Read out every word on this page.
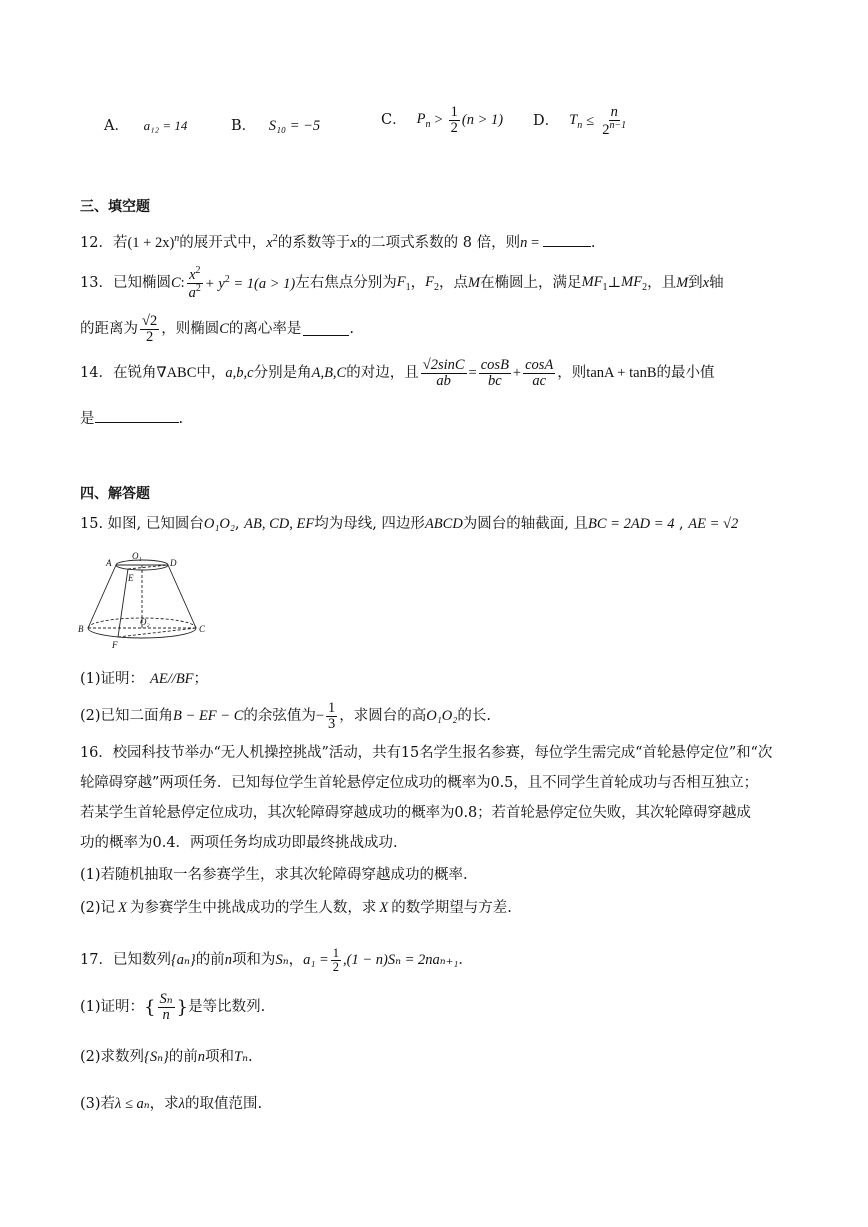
A． a₁₂ = 14	B． S₁₀ = −5	C． $P_n > \frac{1}{2} (n > 1)$ D． $T_n \le \frac{n}{2^{n-1}}$
三、填空题
12．若$(1 + 2x)^n$的展开式中，$x^2$的系数等于x的二项式系数的 8 倍，则n =	.
13．已知椭圆 C : $\frac{x^2}{a^2} + y^2 = 1(a > 1)$ 左右焦点分别为 $F_1$ ， $F_2$ ，点 M 在椭圆上，满足 $MF_1$ ⊥ $MF_2$ ，且 M 到 x 轴
的距离为 $\frac{√2}{2}$ ，则椭圆 C 的离心率是	.
14．在锐角 ∇ABC 中， a,b,c 分别是角 A,B,C 的对边，且 $\frac{√2\sin C}{ab} = \frac{\cos B}{bc} + \frac{\cos A}{ac}$ ，则 tanA + tanB 的最小值
是	.
四、解答题
15. 如图, 已知圆台O₁O₂, AB, CD, EF均为母线, 四边形ABCD为圆台的轴截面, 且BC = 2AD = 4 , AE = √2
A	D
O₁
E
O₂
B	C
F
(1)证明： AE//BF；
(2)已知二面角 B − EF − C 的余弦值为 − $\frac{1}{3}$ ，求圆台的高 O₁O₂ 的长.
16．校园科技节举办“无人机操控挑战”活动，共有15名学生报名参赛，每位学生需完成“首轮悬停定位”和“次
轮障碍穿越”两项任务．已知每位学生首轮悬停定位成功的概率为0.5，且不同学生首轮成功与否相互独立；
若某学生首轮悬停定位成功，其次轮障碍穿越成功的概率为0.8；若首轮悬停定位失败，其次轮障碍穿越成
功的概率为0.4．两项任务均成功即最终挑战成功.
(1)若随机抽取一名参赛学生，求其次轮障碍穿越成功的概率.
(2)记 X 为参赛学生中挑战成功的学生人数，求 X 的数学期望与方差.
17．已知数列 {aₙ} 的前 n 项和为 Sₙ ， $a_1 = \frac{1}{2} ,(1 - n)S_n = 2na_{n+1}$ ．
(1)证明： { $\frac{\text{Sₙ}}{n}$ } 是等比数列.
(2)求数列{Sₙ}的前n项和Tₙ.
(3)若λ ≤ aₙ，求λ的取值范围.
